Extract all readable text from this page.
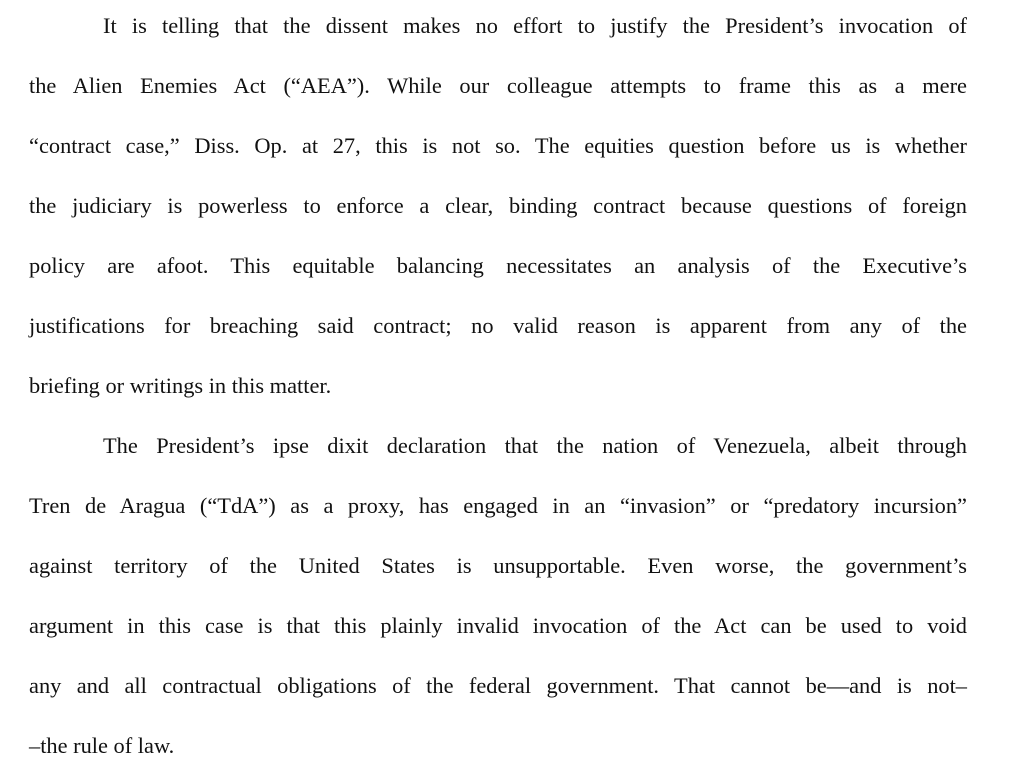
It is telling that the dissent makes no effort to justify the President’s invocation of
the Alien Enemies Act (“AEA”). While our colleague attempts to frame this as a mere
“contract case,” Diss. Op. at 27, this is not so. The equities question before us is whether
the judiciary is powerless to enforce a clear, binding contract because questions of foreign
policy are afoot. This equitable balancing necessitates an analysis of the Executive’s
justifications for breaching said contract; no valid reason is apparent from any of the
briefing or writings in this matter.
The President’s ipse dixit declaration that the nation of Venezuela, albeit through
Tren de Aragua (“TdA”) as a proxy, has engaged in an “invasion” or “predatory incursion”
against territory of the United States is unsupportable. Even worse, the government’s
argument in this case is that this plainly invalid invocation of the Act can be used to void
any and all contractual obligations of the federal government. That cannot be—and is not–
–the rule of law.
